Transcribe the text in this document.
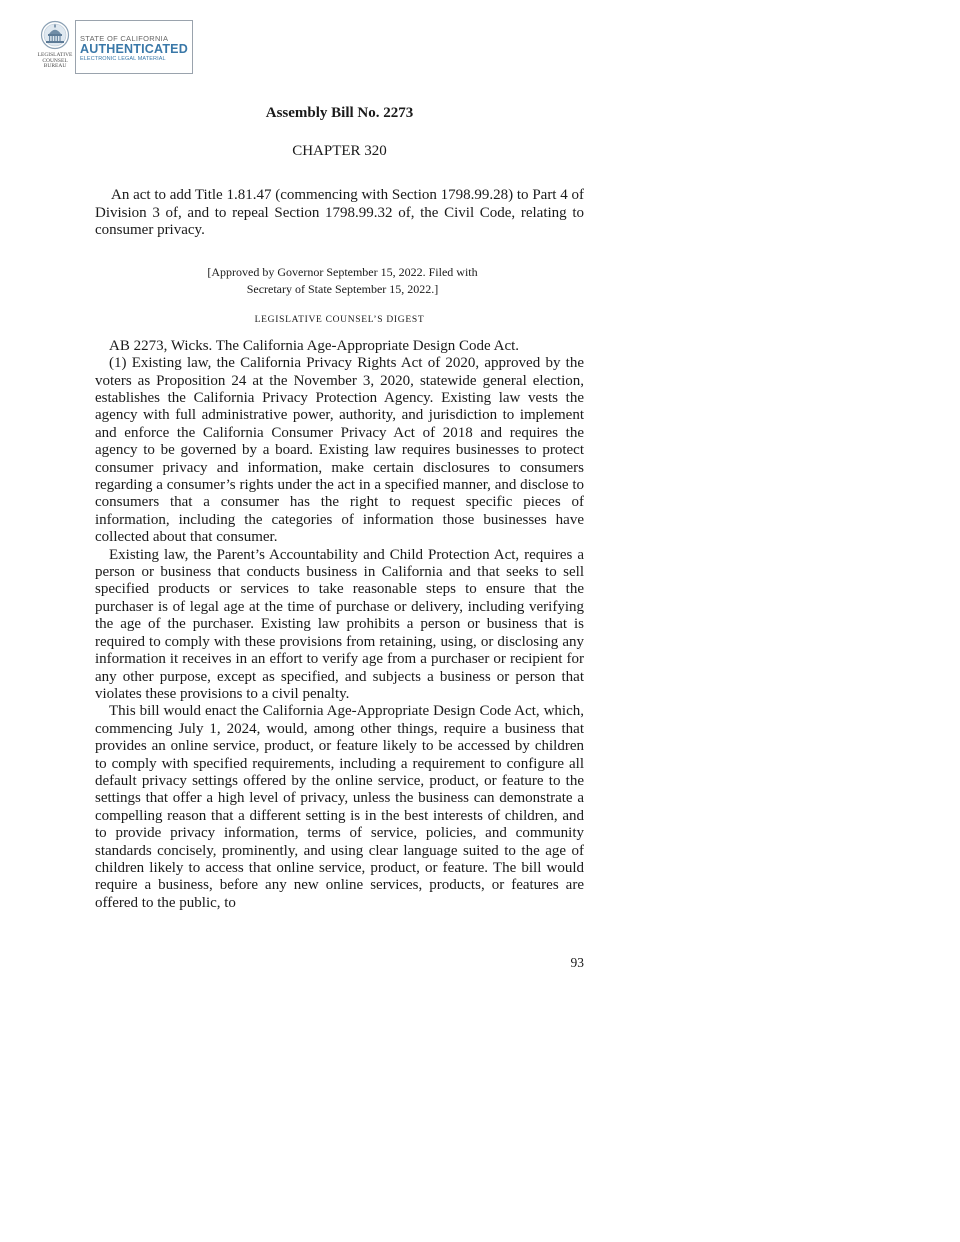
LEGISLATIVE COUNSEL BUREAU
STATE OF CALIFORNIA
AUTHENTICATED
ELECTRONIC LEGAL MATERIAL
Assembly Bill No. 2273
CHAPTER 320

An act to add Title 1.81.47 (commencing with Section 1798.99.28) to Part 4 of Division 3 of, and to repeal Section 1798.99.32 of, the Civil Code, relating to consumer privacy.

[Approved by Governor September 15, 2022. Filed with
Secretary of State September 15, 2022.]
LEGISLATIVE COUNSEL’S DIGEST

AB 2273, Wicks. The California Age-Appropriate Design Code Act.

(1) Existing law, the California Privacy Rights Act of 2020, approved by the voters as Proposition 24 at the November 3, 2020, statewide general election, establishes the California Privacy Protection Agency. Existing law vests the agency with full administrative power, authority, and jurisdiction to implement and enforce the California Consumer Privacy Act of 2018 and requires the agency to be governed by a board. Existing law requires businesses to protect consumer privacy and information, make certain disclosures to consumers regarding a consumer’s rights under the act in a specified manner, and disclose to consumers that a consumer has the right to request specific pieces of information, including the categories of information those businesses have collected about that consumer.

Existing law, the Parent’s Accountability and Child Protection Act, requires a person or business that conducts business in California and that seeks to sell specified products or services to take reasonable steps to ensure that the purchaser is of legal age at the time of purchase or delivery, including verifying the age of the purchaser. Existing law prohibits a person or business that is required to comply with these provisions from retaining, using, or disclosing any information it receives in an effort to verify age from a purchaser or recipient for any other purpose, except as specified, and subjects a business or person that violates these provisions to a civil penalty.

This bill would enact the California Age-Appropriate Design Code Act, which, commencing July 1, 2024, would, among other things, require a business that provides an online service, product, or feature likely to be accessed by children to comply with specified requirements, including a requirement to configure all default privacy settings offered by the online service, product, or feature to the settings that offer a high level of privacy, unless the business can demonstrate a compelling reason that a different setting is in the best interests of children, and to provide privacy information, terms of service, policies, and community standards concisely, prominently, and using clear language suited to the age of children likely to access that online service, product, or feature. The bill would require a business, before any new online services, products, or features are offered to the public, to

93
